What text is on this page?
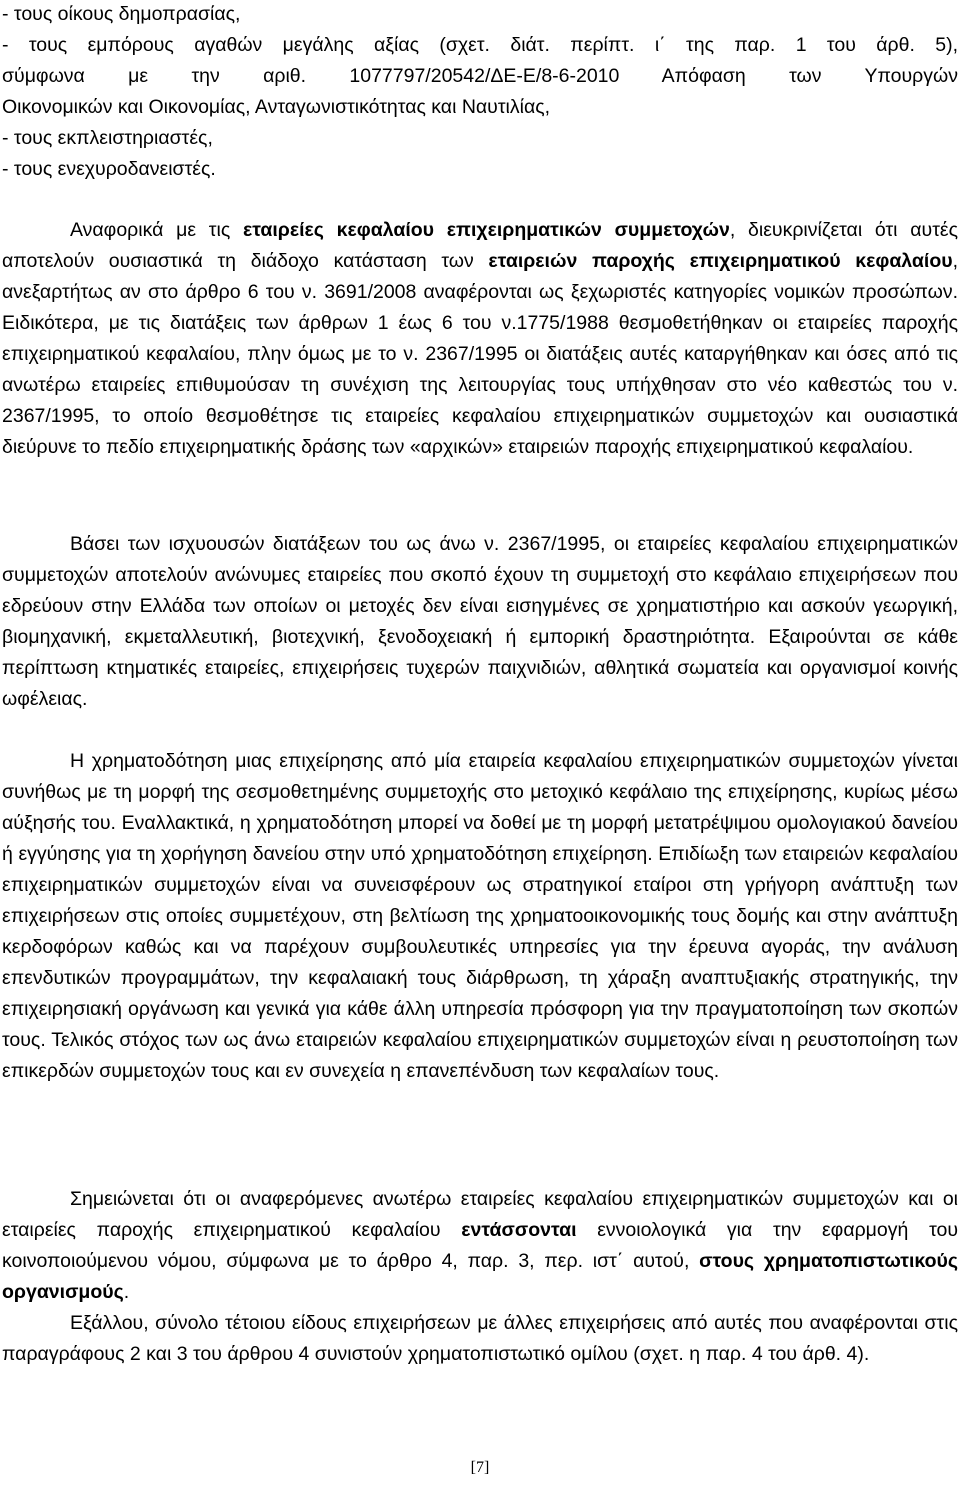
- τους οίκους δημοπρασίας,
- τους εμπόρους αγαθών μεγάλης αξίας (σχετ. διάτ. περίπτ. ι΄ της παρ. 1 του άρθ. 5),
σύμφωνα με την αριθ. 1077797/20542/ΔΕ-Ε/8-6-2010 Απόφαση των Υπουργών
Οικονομικών και Οικονομίας, Ανταγωνιστικότητας και Ναυτιλίας,
- τους εκπλειστηριαστές,
- τους ενεχυροδανειστές.

Αναφορικά με τις εταιρείες κεφαλαίου επιχειρηματικών συμμετοχών, διευκρινίζεται ότι αυτές αποτελούν ουσιαστικά τη διάδοχο κατάσταση των εταιρειών παροχής επιχειρηματικού κεφαλαίου, ανεξαρτήτως αν στο άρθρο 6 του ν. 3691/2008 αναφέρονται ως ξεχωριστές κατηγορίες νομικών προσώπων. Ειδικότερα, με τις διατάξεις των άρθρων 1 έως 6 του ν.1775/1988 θεσμοθετήθηκαν οι εταιρείες παροχής επιχειρηματικού κεφαλαίου, πλην όμως με το ν. 2367/1995 οι διατάξεις αυτές καταργήθηκαν και όσες από τις ανωτέρω εταιρείες επιθυμούσαν τη συνέχιση της λειτουργίας τους υπήχθησαν στο νέο καθεστώς του ν. 2367/1995, το οποίο θεσμοθέτησε τις εταιρείες κεφαλαίου επιχειρηματικών συμμετοχών και ουσιαστικά διεύρυνε το πεδίο επιχειρηματικής δράσης των «αρχικών» εταιρειών παροχής επιχειρηματικού κεφαλαίου.

Βάσει των ισχυουσών διατάξεων του ως άνω ν. 2367/1995, οι εταιρείες κεφαλαίου επιχειρηματικών συμμετοχών αποτελούν ανώνυμες εταιρείες που σκοπό έχουν τη συμμετοχή στο κεφάλαιο επιχειρήσεων που εδρεύουν στην Ελλάδα των οποίων οι μετοχές δεν είναι εισηγμένες σε χρηματιστήριο και ασκούν γεωργική, βιομηχανική, εκμεταλλευτική, βιοτεχνική, ξενοδοχειακή ή εμπορική δραστηριότητα. Εξαιρούνται σε κάθε περίπτωση κτηματικές εταιρείες, επιχειρήσεις τυχερών παιχνιδιών, αθλητικά σωματεία και οργανισμοί κοινής ωφέλειας.

Η χρηματοδότηση μιας επιχείρησης από μία εταιρεία κεφαλαίου επιχειρηματικών συμμετοχών γίνεται συνήθως με τη μορφή της σεσμοθετημένης συμμετοχής στο μετοχικό κεφάλαιο της επιχείρησης, κυρίως μέσω αύξησής του. Εναλλακτικά, η χρηματοδότηση μπορεί να δοθεί με τη μορφή μετατρέψιμου ομολογιακού δανείου ή εγγύησης για τη χορήγηση δανείου στην υπό χρηματοδότηση επιχείρηση. Επιδίωξη των εταιρειών κεφαλαίου επιχειρηματικών συμμετοχών είναι να συνεισφέρουν ως στρατηγικοί εταίροι στη γρήγορη ανάπτυξη των επιχειρήσεων στις οποίες συμμετέχουν, στη βελτίωση της χρηματοοικονομικής τους δομής και στην ανάπτυξη κερδοφόρων καθώς και να παρέχουν συμβουλευτικές υπηρεσίες για την έρευνα αγοράς, την ανάλυση επενδυτικών προγραμμάτων, την κεφαλαιακή τους διάρθρωση, τη χάραξη αναπτυξιακής στρατηγικής, την επιχειρησιακή οργάνωση και γενικά για κάθε άλλη υπηρεσία πρόσφορη για την πραγματοποίηση των σκοπών τους. Τελικός στόχος των ως άνω εταιρειών κεφαλαίου επιχειρηματικών συμμετοχών είναι η ρευστοποίηση των επικερδών συμμετοχών τους και εν συνεχεία η επανεπένδυση των κεφαλαίων τους.

Σημειώνεται ότι οι αναφερόμενες ανωτέρω εταιρείες κεφαλαίου επιχειρηματικών συμμετοχών και οι εταιρείες παροχής επιχειρηματικού κεφαλαίου εντάσσονται εννοιολογικά για την εφαρμογή του κοινοποιούμενου νόμου, σύμφωνα με το άρθρο 4, παρ. 3, περ. ιστ΄ αυτού, στους χρηματοπιστωτικούς οργανισμούς.

Εξάλλου, σύνολο τέτοιου είδους επιχειρήσεων με άλλες επιχειρήσεις από αυτές που αναφέρονται στις παραγράφους 2 και 3 του άρθρου 4 συνιστούν χρηματοπιστωτικό ομίλου (σχετ. η παρ. 4 του άρθ. 4).

[7]
